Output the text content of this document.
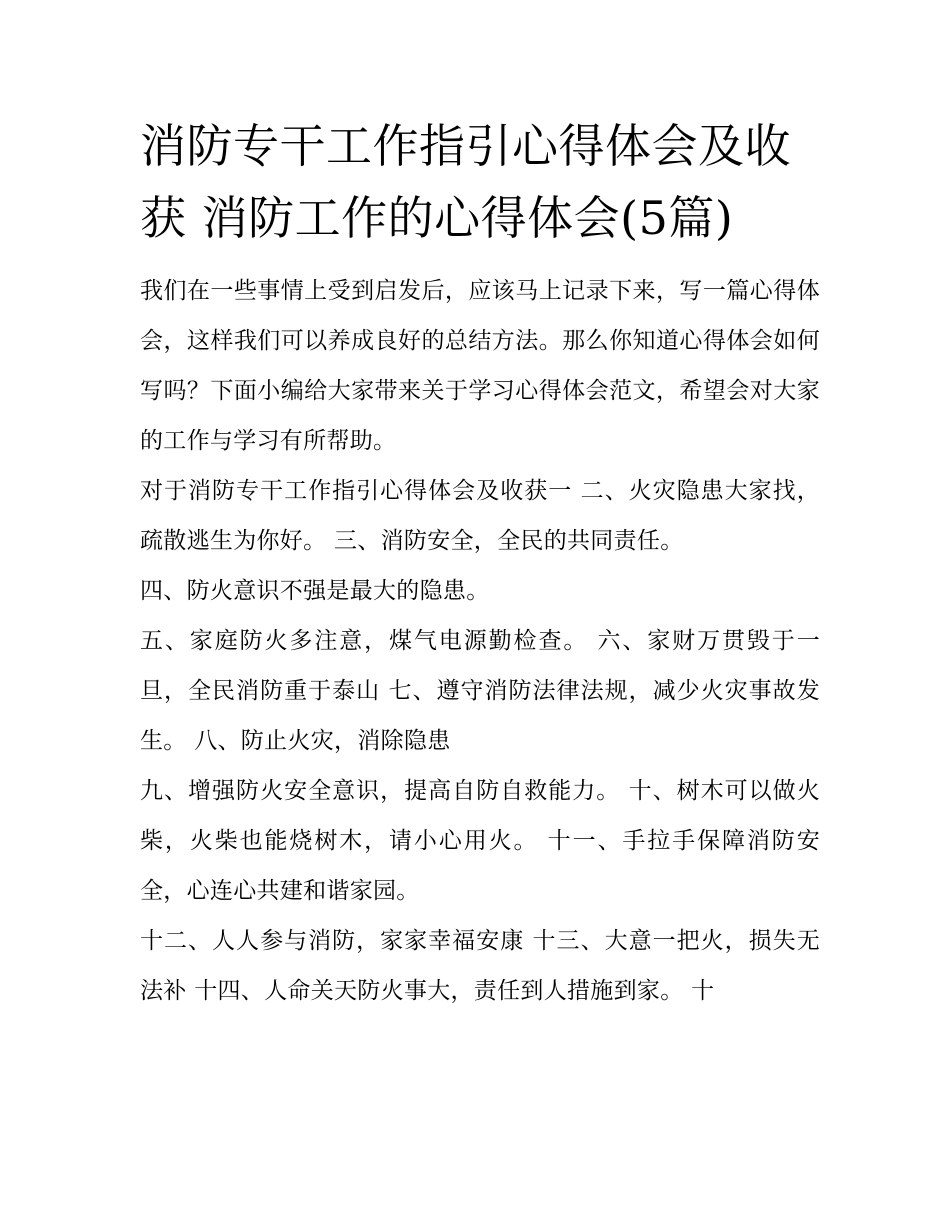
消防专干工作指引心得体会及收获 消防工作的心得体会(5篇)

我们在一些事情上受到启发后，应该马上记录下来，写一篇心得体会，这样我们可以养成良好的总结方法。那么你知道心得体会如何写吗？下面小编给大家带来关于学习心得体会范文，希望会对大家的工作与学习有所帮助。

对于消防专干工作指引心得体会及收获一 二、火灾隐患大家找，疏散逃生为你好。 三、消防安全，全民的共同责任。

四、防火意识不强是最大的隐患。

五、家庭防火多注意，煤气电源勤检查。 六、家财万贯毁于一旦，全民消防重于泰山 七、遵守消防法律法规，减少火灾事故发生。 八、防止火灾，消除隐患

九、增强防火安全意识，提高自防自救能力。 十、树木可以做火柴，火柴也能烧树木，请小心用火。 十一、手拉手保障消防安全，心连心共建和谐家园。

十二、人人参与消防，家家幸福安康 十三、大意一把火，损失无法补 十四、人命关天防火事大，责任到人措施到家。 十
